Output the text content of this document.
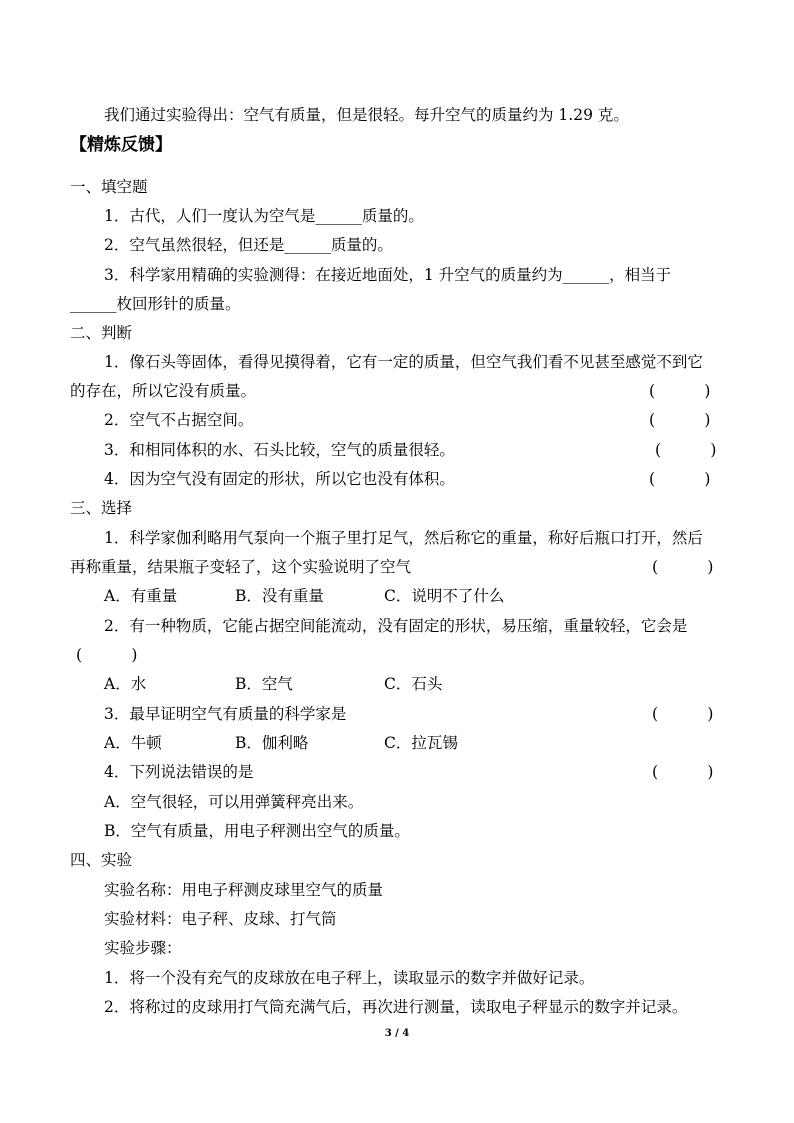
我们通过实验得出：空气有质量，但是很轻。每升空气的质量约为 1.29 克。
【精炼反馈】
一、填空题
1．古代，人们一度认为空气是______质量的。
2．空气虽然很轻，但还是______质量的。
3．科学家用精确的实验测得：在接近地面处，1 升空气的质量约为______，相当于
______枚回形针的质量。
二、判断
1．像石头等固体，看得见摸得着，它有一定的质量，但空气我们看不见甚至感觉不到它
的存在，所以它没有质量。	(          )
2．空气不占据空间。	(          )
3．和相同体积的水、石头比较，空气的质量很轻。	(          )
4．因为空气没有固定的形状，所以它也没有体积。	(          )
三、选择
1．科学家伽利略用气泵向一个瓶子里打足气，然后称它的重量，称好后瓶口打开，然后
再称重量，结果瓶子变轻了，这个实验说明了空气	(          )
A．有重量	B．没有重量	C．说明不了什么
2．有一种物质，它能占据空间能流动，没有固定的形状，易压缩，重量较轻，它会是
(          )
A．水	B．空气	C．石头
3．最早证明空气有质量的科学家是	(          )
A．牛顿	B．伽利略	C．拉瓦锡
4．下列说法错误的是	(          )
A．空气很轻，可以用弹簧秤亮出来。
B．空气有质量，用电子秤测出空气的质量。
四、实验
实验名称：用电子秤测皮球里空气的质量
实验材料：电子秤、皮球、打气筒
实验步骤：
1．将一个没有充气的皮球放在电子秤上，读取显示的数字并做好记录。
2．将称过的皮球用打气筒充满气后，再次进行测量，读取电子秤显示的数字并记录。
3 / 4
